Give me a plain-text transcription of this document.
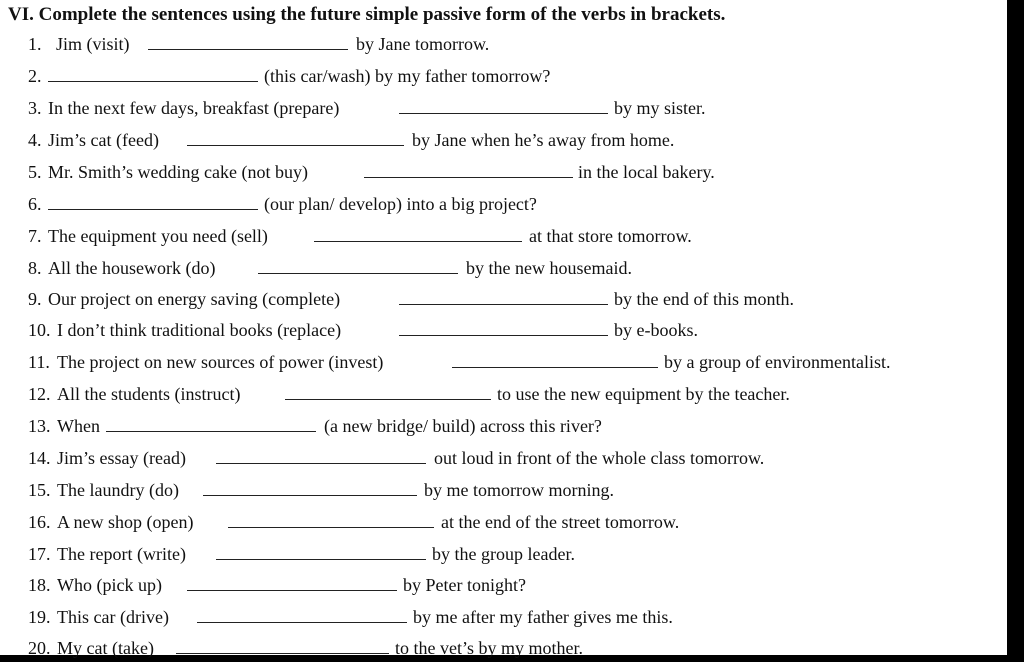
VI. Complete the sentences using the future simple passive form of the verbs in brackets.
1. Jim (visit)	by Jane tomorrow.
2.	(this car/wash) by my father tomorrow?
3. In the next few days, breakfast (prepare)	by my sister.
4. Jim’s cat (feed)	by Jane when he’s away from home.
5. Mr. Smith’s wedding cake (not buy)	in the local bakery.
6.	(our plan/ develop) into a big project?
7. The equipment you need (sell)	at that store tomorrow.
8. All the housework (do)	by the new housemaid.
9. Our project on energy saving (complete)	by the end of this month.
10. I don’t think traditional books (replace)	by e-books.
11. The project on new sources of power (invest)	by a group of environmentalist.
12. All the students (instruct)	to use the new equipment by the teacher.
13. When	(a new bridge/ build) across this river?
14. Jim’s essay (read)	out loud in front of the whole class tomorrow.
15. The laundry (do)	by me tomorrow morning.
16. A new shop (open)	at the end of the street tomorrow.
17. The report (write)	by the group leader.
18. Who (pick up)	by Peter tonight?
19. This car (drive)	by me after my father gives me this.
20. My cat (take)	to the vet’s by my mother.
